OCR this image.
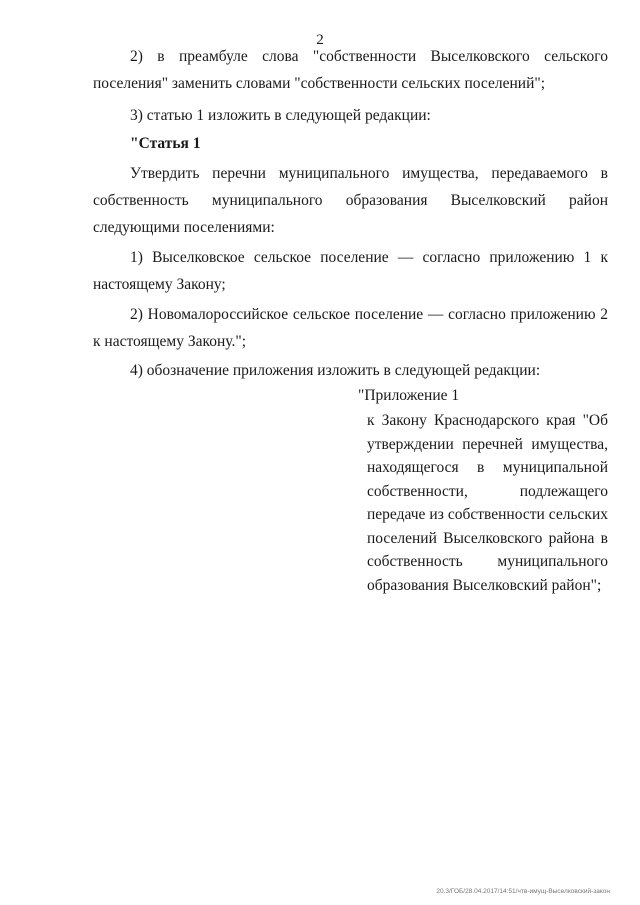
2
2) в преамбуле слова "собственности Выселковского сельского поселения" заменить словами "собственности сельских поселений";
3) статью 1 изложить в следующей редакции:
"Статья 1
Утвердить перечни муниципального имущества, передаваемого в собственность муниципального образования Выселковский район следующими поселениями:
1) Выселковское сельское поселение — согласно приложению 1 к настоящему Закону;
2) Новомалороссийское сельское поселение — согласно приложению 2 к настоящему Закону.";
4) обозначение приложения изложить в следующей редакции:
"Приложение 1
к Закону Краснодарского края "Об утверждении перечней имущества, находящегося в муниципальной собственности, подлежащего передаче из собственности сельских поселений Выселковского района в собственность муниципального образования Выселковский район";
20.3/ГОБ/28.04.2017/14:51/чтв-имущ-Выселковский-закон
